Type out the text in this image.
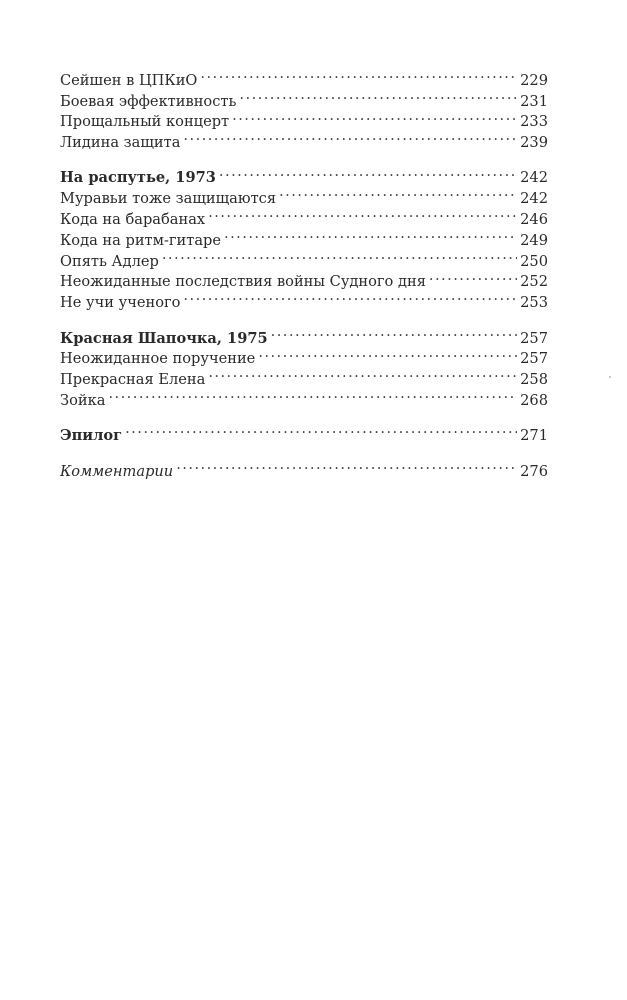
Сейшен в ЦПКиО . . .	229
Боевая эффективность . . .	231
Прощальный концерт . . .	233
Лидина защита . . .	239
На распутье, 1973 . . .	242
Муравьи тоже защищаются . . .	242
Кода на барабанах . . .	246
Кода на ритм-гитаре . . .	249
Опять Адлер . . .	250
Неожиданные последствия войны Судного дня . . .	252
Не учи ученого . . .	253
Красная Шапочка, 1975 . . .	257
Неожиданное поручение . . .	257
Прекрасная Елена . . .	258
Зойка . . .	268
Эпилог . . .	271
Комментарии . . .	276
